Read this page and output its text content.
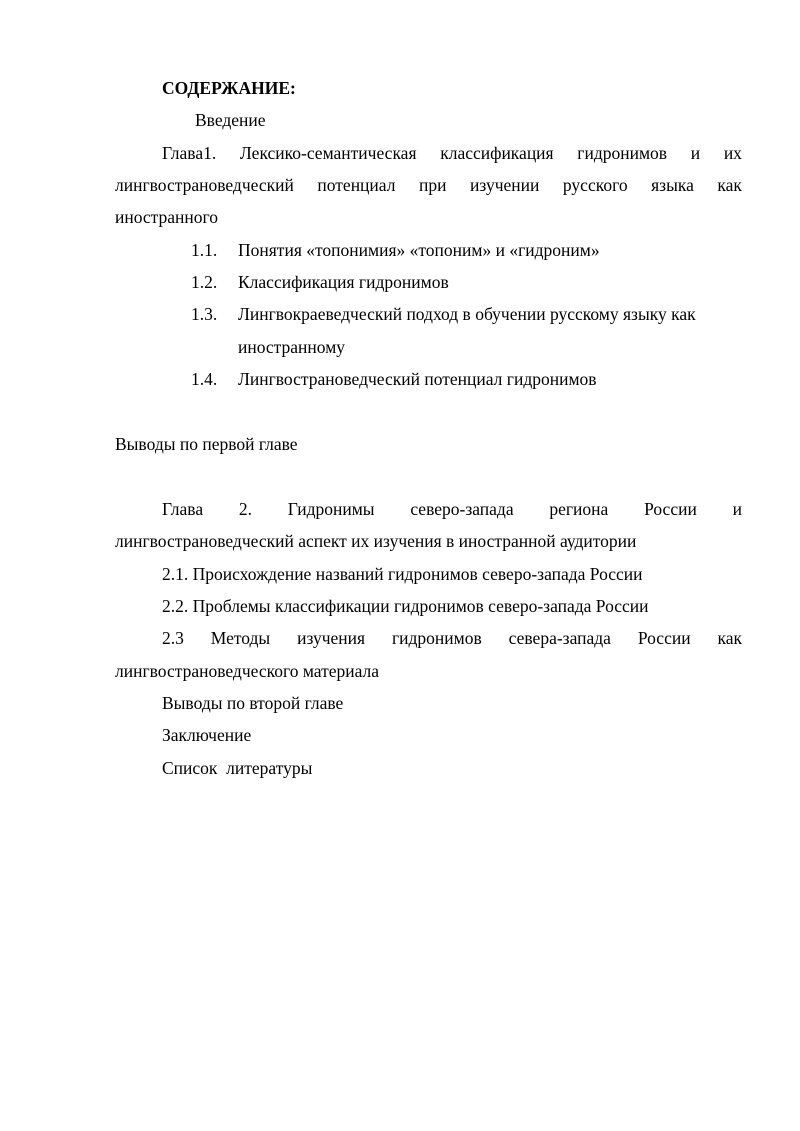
СОДЕРЖАНИЕ:
Введение
Глава1. Лексико-семантическая классификация гидронимов и их
лингвострановедческий потенциал при изучении русского языка как
иностранного
1.1. Понятия «топонимия» «топоним» и «гидроним»
1.2. Классификация гидронимов
1.3. Лингвокраеведческий подход в обучении русскому языку как
иностранному
1.4. Лингвострановедческий потенциал гидронимов
Выводы по первой главе
Глава 2. Гидронимы северо-запада региона России и
лингвострановедческий аспект их изучения в иностранной аудитории
2.1. Происхождение названий гидронимов северо-запада России
2.2. Проблемы классификации гидронимов северо-запада России
2.3 Методы изучения гидронимов севера-запада России как
лингвострановедческого материала
Выводы по второй главе
Заключение
Список  литературы
